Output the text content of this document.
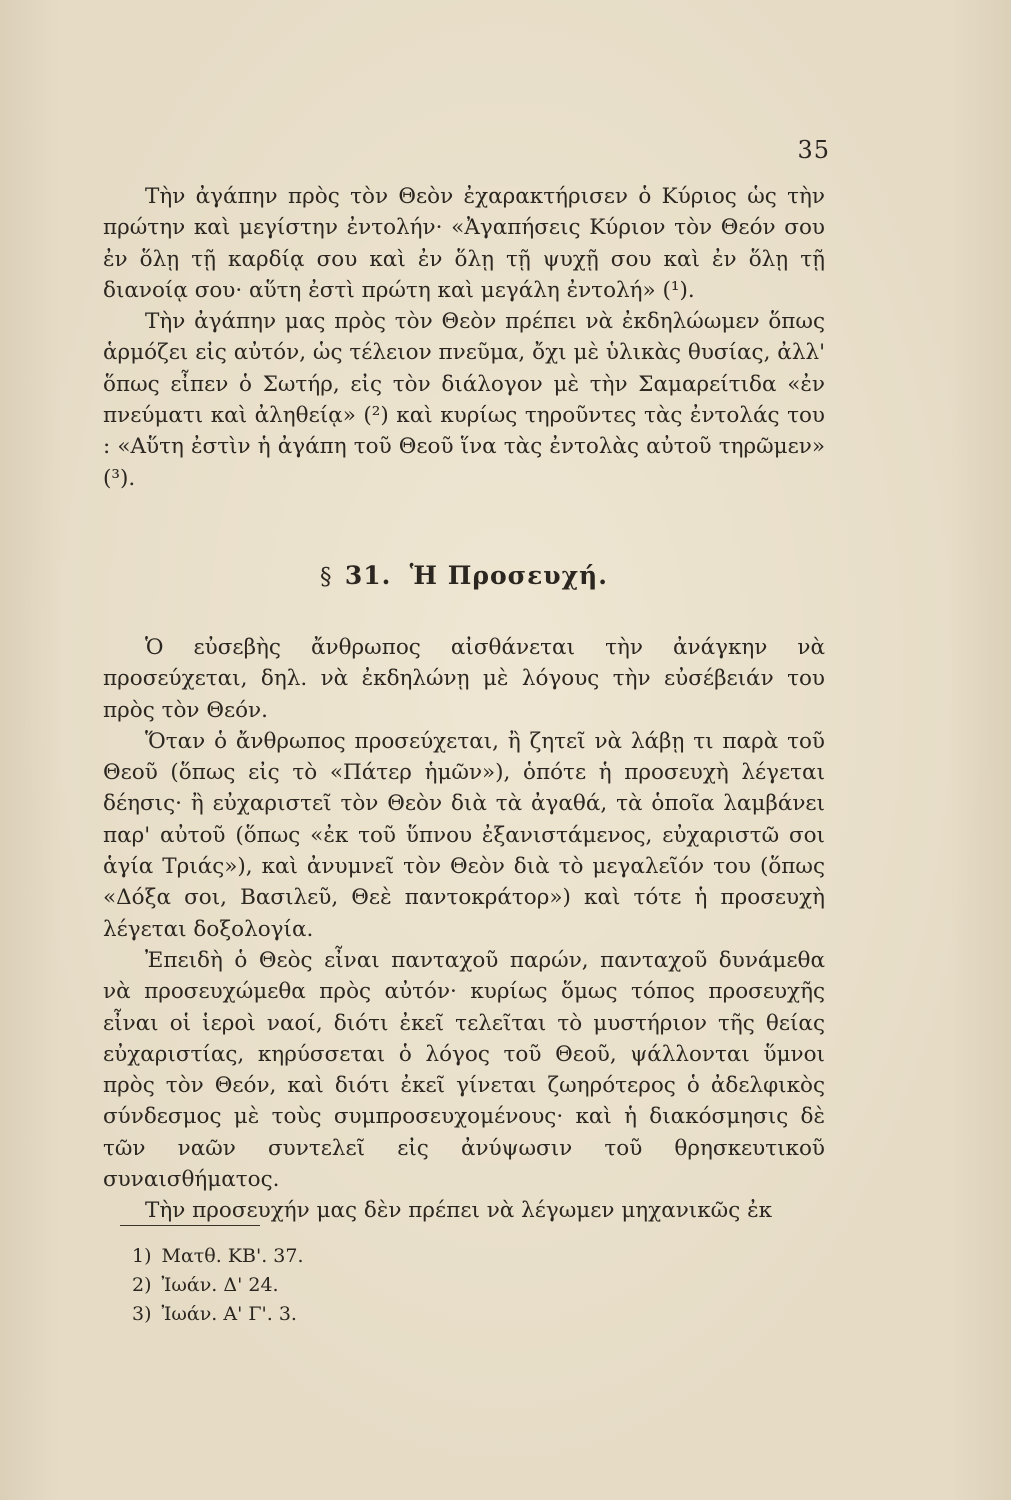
35

Τὴν ἀγάπην πρὸς τὸν Θεὸν ἐχαρακτήρισεν ὁ Κύριος ὡς τὴν πρώτην καὶ μεγίστην ἐντολήν· «Ἀγαπήσεις Κύριον τὸν Θεόν σου ἐν ὅλῃ τῇ καρδίᾳ σου καὶ ἐν ὅλῃ τῇ ψυχῇ σου καὶ ἐν ὅλῃ τῇ διανοίᾳ σου· αὕτη ἐστὶ πρώτη καὶ μεγάλη ἐντολή» (¹).

Τὴν ἀγάπην μας πρὸς τὸν Θεὸν πρέπει νὰ ἐκδηλώωμεν ὅπως ἁρμόζει εἰς αὐτόν, ὡς τέλειον πνεῦμα, ὄχι μὲ ὑλικὰς θυσίας, ἀλλ' ὅπως εἶπεν ὁ Σωτήρ, εἰς τὸν διάλογον μὲ τὴν Σαμαρείτιδα «ἐν πνεύματι καὶ ἀληθείᾳ» (²) καὶ κυρίως τηροῦντες τὰς ἐντολάς του : «Αὕτη ἐστὶν ἡ ἀγάπη τοῦ Θεοῦ ἵνα τὰς ἐντολὰς αὐτοῦ τηρῶμεν» (³).

§ 31. Ἡ Προσευχή.

Ὁ εὐσεβὴς ἄνθρωπος αἰσθάνεται τὴν ἀνάγκην νὰ προσεύχεται, δηλ. νὰ ἐκδηλώνῃ μὲ λόγους τὴν εὐσέβειάν του πρὸς τὸν Θεόν.

Ὅταν ὁ ἄνθρωπος προσεύχεται, ἢ ζητεῖ νὰ λάβῃ τι παρὰ τοῦ Θεοῦ (ὅπως εἰς τὸ «Πάτερ ἡμῶν»), ὁπότε ἡ προσευχὴ λέγεται δέησις· ἢ εὐχαριστεῖ τὸν Θεὸν διὰ τὰ ἀγαθά, τὰ ὁποῖα λαμβάνει παρ' αὐτοῦ (ὅπως «ἐκ τοῦ ὕπνου ἐξανιστάμενος, εὐχαριστῶ σοι ἁγία Τριάς»), καὶ ἀνυμνεῖ τὸν Θεὸν διὰ τὸ μεγαλεῖόν του (ὅπως «Δόξα σοι, Βασιλεῦ, Θεὲ παντοκράτορ») καὶ τότε ἡ προσευχὴ λέγεται δοξολογία.

Ἐπειδὴ ὁ Θεὸς εἶναι πανταχοῦ παρών, πανταχοῦ δυνάμεθα νὰ προσευχώμεθα πρὸς αὐτόν· κυρίως ὅμως τόπος προσευχῆς εἶναι οἱ ἱεροὶ ναοί, διότι ἐκεῖ τελεῖται τὸ μυστήριον τῆς θείας εὐχαριστίας, κηρύσσεται ὁ λόγος τοῦ Θεοῦ, ψάλλονται ὕμνοι πρὸς τὸν Θεόν, καὶ διότι ἐκεῖ γίνεται ζωηρότερος ὁ ἀδελφικὸς σύνδεσμος μὲ τοὺς συμπροσευχομένους· καὶ ἡ διακόσμησις δὲ τῶν ναῶν συντελεῖ εἰς ἀνύψωσιν τοῦ θρησκευτικοῦ συναισθήματος.

Τὴν προσευχήν μας δὲν πρέπει νὰ λέγωμεν μηχανικῶς ἐκ

1) Ματθ. ΚΒ'. 37.
2) Ἰωάν. Δ' 24.
3) Ἰωάν. Α' Γ'. 3.
